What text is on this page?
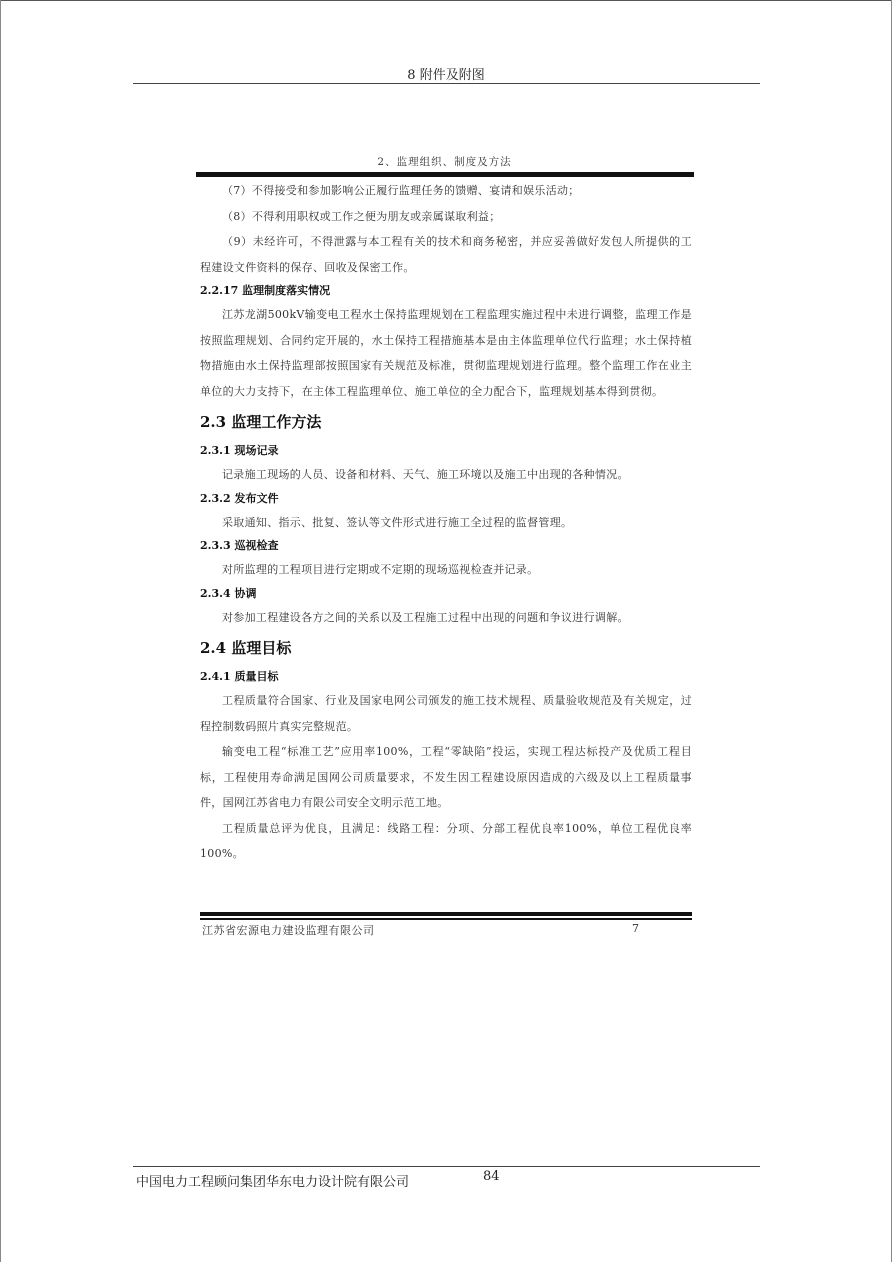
8 附件及附图
2、监理组织、制度及方法
（7）不得接受和参加影响公正履行监理任务的馈赠、宴请和娱乐活动；
（8）不得利用职权或工作之便为朋友或亲属谋取利益；
（9）未经许可，不得泄露与本工程有关的技术和商务秘密，并应妥善做好发包人所提供的工程建设文件资料的保存、回收及保密工作。
2.2.17 监理制度落实情况
江苏龙湖500kV输变电工程水土保持监理规划在工程监理实施过程中未进行调整，监理工作是按照监理规划、合同约定开展的，水土保持工程措施基本是由主体监理单位代行监理；水土保持植物措施由水土保持监理部按照国家有关规范及标准，贯彻监理规划进行监理。整个监理工作在业主单位的大力支持下，在主体工程监理单位、施工单位的全力配合下，监理规划基本得到贯彻。
2.3 监理工作方法
2.3.1 现场记录
记录施工现场的人员、设备和材料、天气、施工环境以及施工中出现的各种情况。
2.3.2 发布文件
采取通知、指示、批复、签认等文件形式进行施工全过程的监督管理。
2.3.3 巡视检查
对所监理的工程项目进行定期或不定期的现场巡视检查并记录。
2.3.4 协调
对参加工程建设各方之间的关系以及工程施工过程中出现的问题和争议进行调解。
2.4 监理目标
2.4.1 质量目标
工程质量符合国家、行业及国家电网公司颁发的施工技术规程、质量验收规范及有关规定，过程控制数码照片真实完整规范。
输变电工程“标准工艺”应用率100%，工程“零缺陷”投运，实现工程达标投产及优质工程目标，工程使用寿命满足国网公司质量要求，不发生因工程建设原因造成的六级及以上工程质量事件，国网江苏省电力有限公司安全文明示范工地。
工程质量总评为优良，且满足：线路工程：分项、分部工程优良率100%，单位工程优良率100%。
江苏省宏源电力建设监理有限公司	7
中国电力工程顾问集团华东电力设计院有限公司	84
